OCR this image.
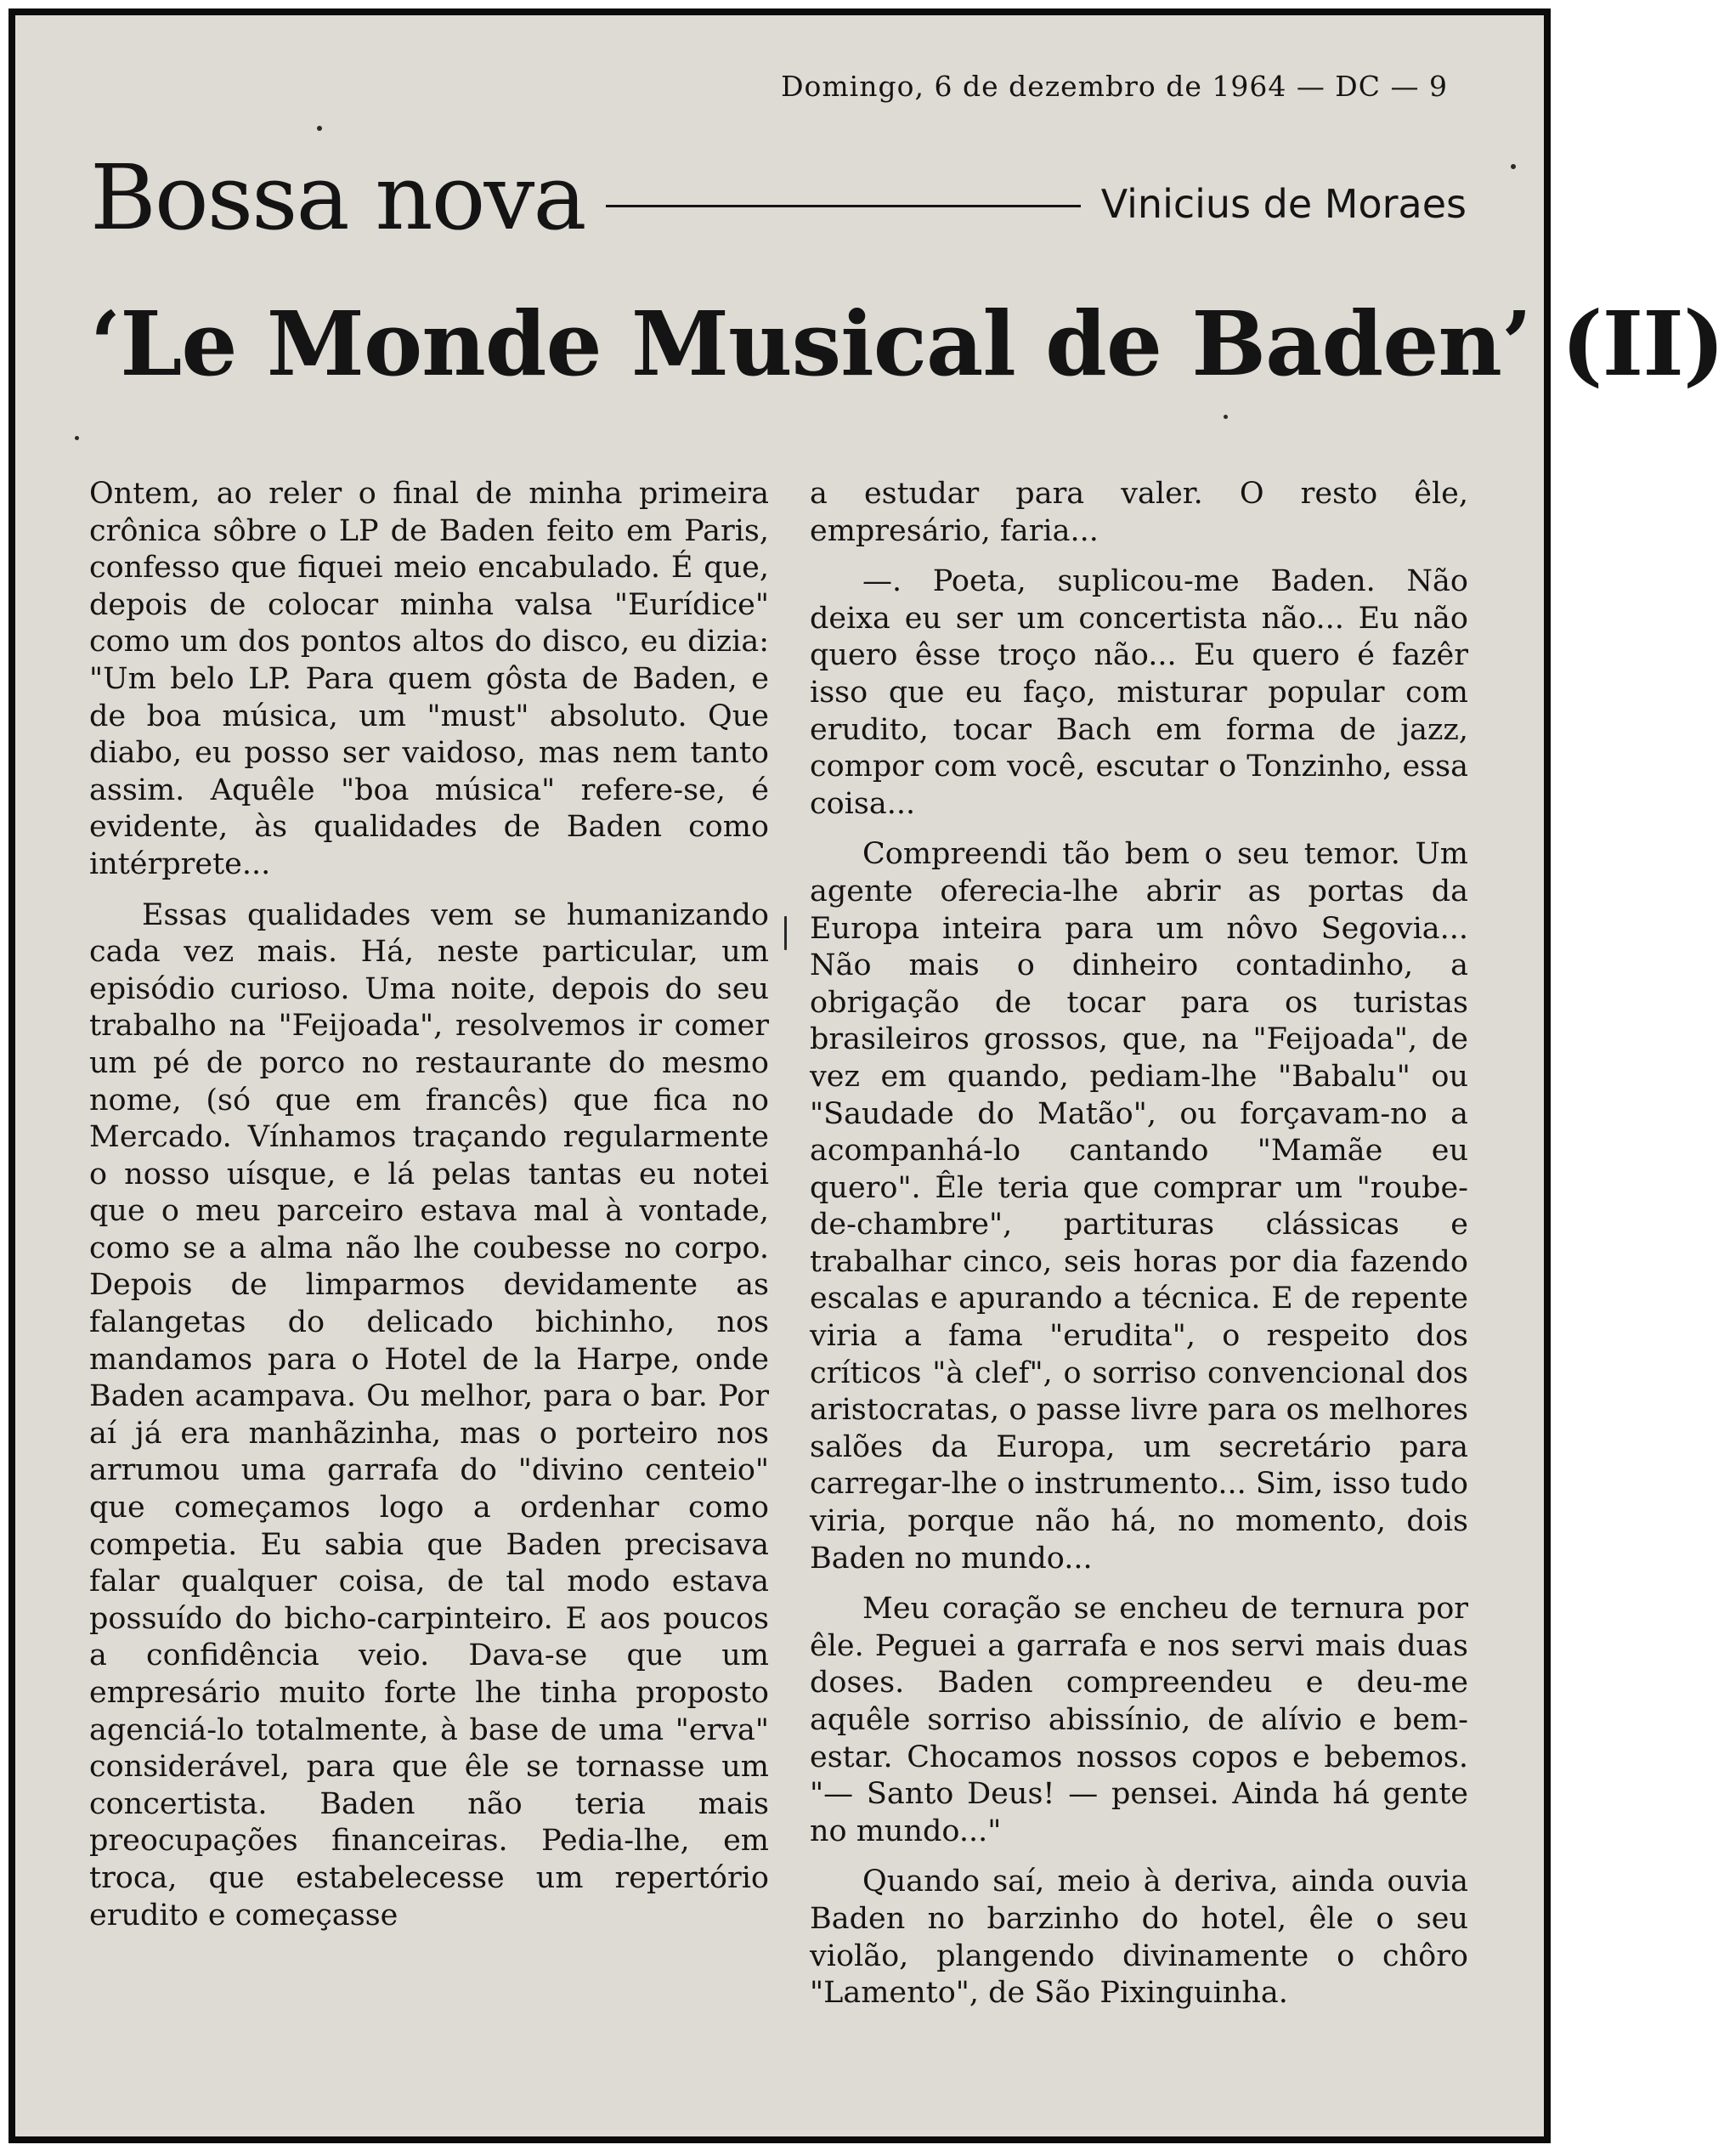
Domingo, 6 de dezembro de 1964 — DC — 9
Bossa nova	Vinicius de Moraes
‘Le Monde Musical de Baden’ (II)

Ontem, ao reler o final de minha primeira crônica sôbre o LP de Baden feito em Paris, confesso que fiquei meio encabulado. É que, depois de colocar minha valsa "Eurídice" como um dos pontos altos do disco, eu dizia: "Um belo LP. Para quem gôsta de Baden, e de boa música, um "must" absoluto. Que diabo, eu posso ser vaidoso, mas nem tanto assim. Aquêle "boa música" refere-se, é evidente, às qualidades de Baden como intérprete...

Essas qualidades vem se humanizando cada vez mais. Há, neste particular, um episódio curioso. Uma noite, depois do seu trabalho na "Feijoada", resolvemos ir comer um pé de porco no restaurante do mesmo nome, (só que em francês) que fica no Mercado. Vínhamos traçando regularmente o nosso uísque, e lá pelas tantas eu notei que o meu parceiro estava mal à vontade, como se a alma não lhe coubesse no corpo. Depois de limparmos devidamente as falangetas do delicado bichinho, nos mandamos para o Hotel de la Harpe, onde Baden acampava. Ou melhor, para o bar. Por aí já era manhãzinha, mas o porteiro nos arrumou uma garrafa do "divino centeio" que começamos logo a ordenhar como competia. Eu sabia que Baden precisava falar qualquer coisa, de tal modo estava possuído do bicho-carpinteiro. E aos poucos a confidência veio. Dava-se que um empresário muito forte lhe tinha proposto agenciá-lo totalmente, à base de uma "erva" considerável, para que êle se tornasse um concertista. Baden não teria mais preocupações financeiras. Pedia-lhe, em troca, que estabelecesse um repertório erudito e começasse

a estudar para valer. O resto êle, empresário, faria...

—. Poeta, suplicou-me Baden. Não deixa eu ser um concertista não... Eu não quero êsse troço não... Eu quero é fazêr isso que eu faço, misturar popular com erudito, tocar Bach em forma de jazz, compor com você, escutar o Tonzinho, essa coisa...

Compreendi tão bem o seu temor. Um agente oferecia-lhe abrir as portas da Europa inteira para um nôvo Segovia... Não mais o dinheiro contadinho, a obrigação de tocar para os turistas brasileiros grossos, que, na "Feijoada", de vez em quando, pediam-lhe "Babalu" ou "Saudade do Matão", ou forçavam-no a acompanhá-lo cantando "Mamãe eu quero". Êle teria que comprar um "roube-de-chambre", partituras clássicas e trabalhar cinco, seis horas por dia fazendo escalas e apurando a técnica. E de repente viria a fama "erudita", o respeito dos críticos "à clef", o sorriso convencional dos aristocratas, o passe livre para os melhores salões da Europa, um secretário para carregar-lhe o instrumento... Sim, isso tudo viria, porque não há, no momento, dois Baden no mundo...

Meu coração se encheu de ternura por êle. Peguei a garrafa e nos servi mais duas doses. Baden compreendeu e deu-me aquêle sorriso abissínio, de alívio e bem-estar. Chocamos nossos copos e bebemos. "— Santo Deus! — pensei. Ainda há gente no mundo..."

Quando saí, meio à deriva, ainda ouvia Baden no barzinho do hotel, êle o seu violão, plangendo divinamente o chôro "Lamento", de São Pixinguinha.
